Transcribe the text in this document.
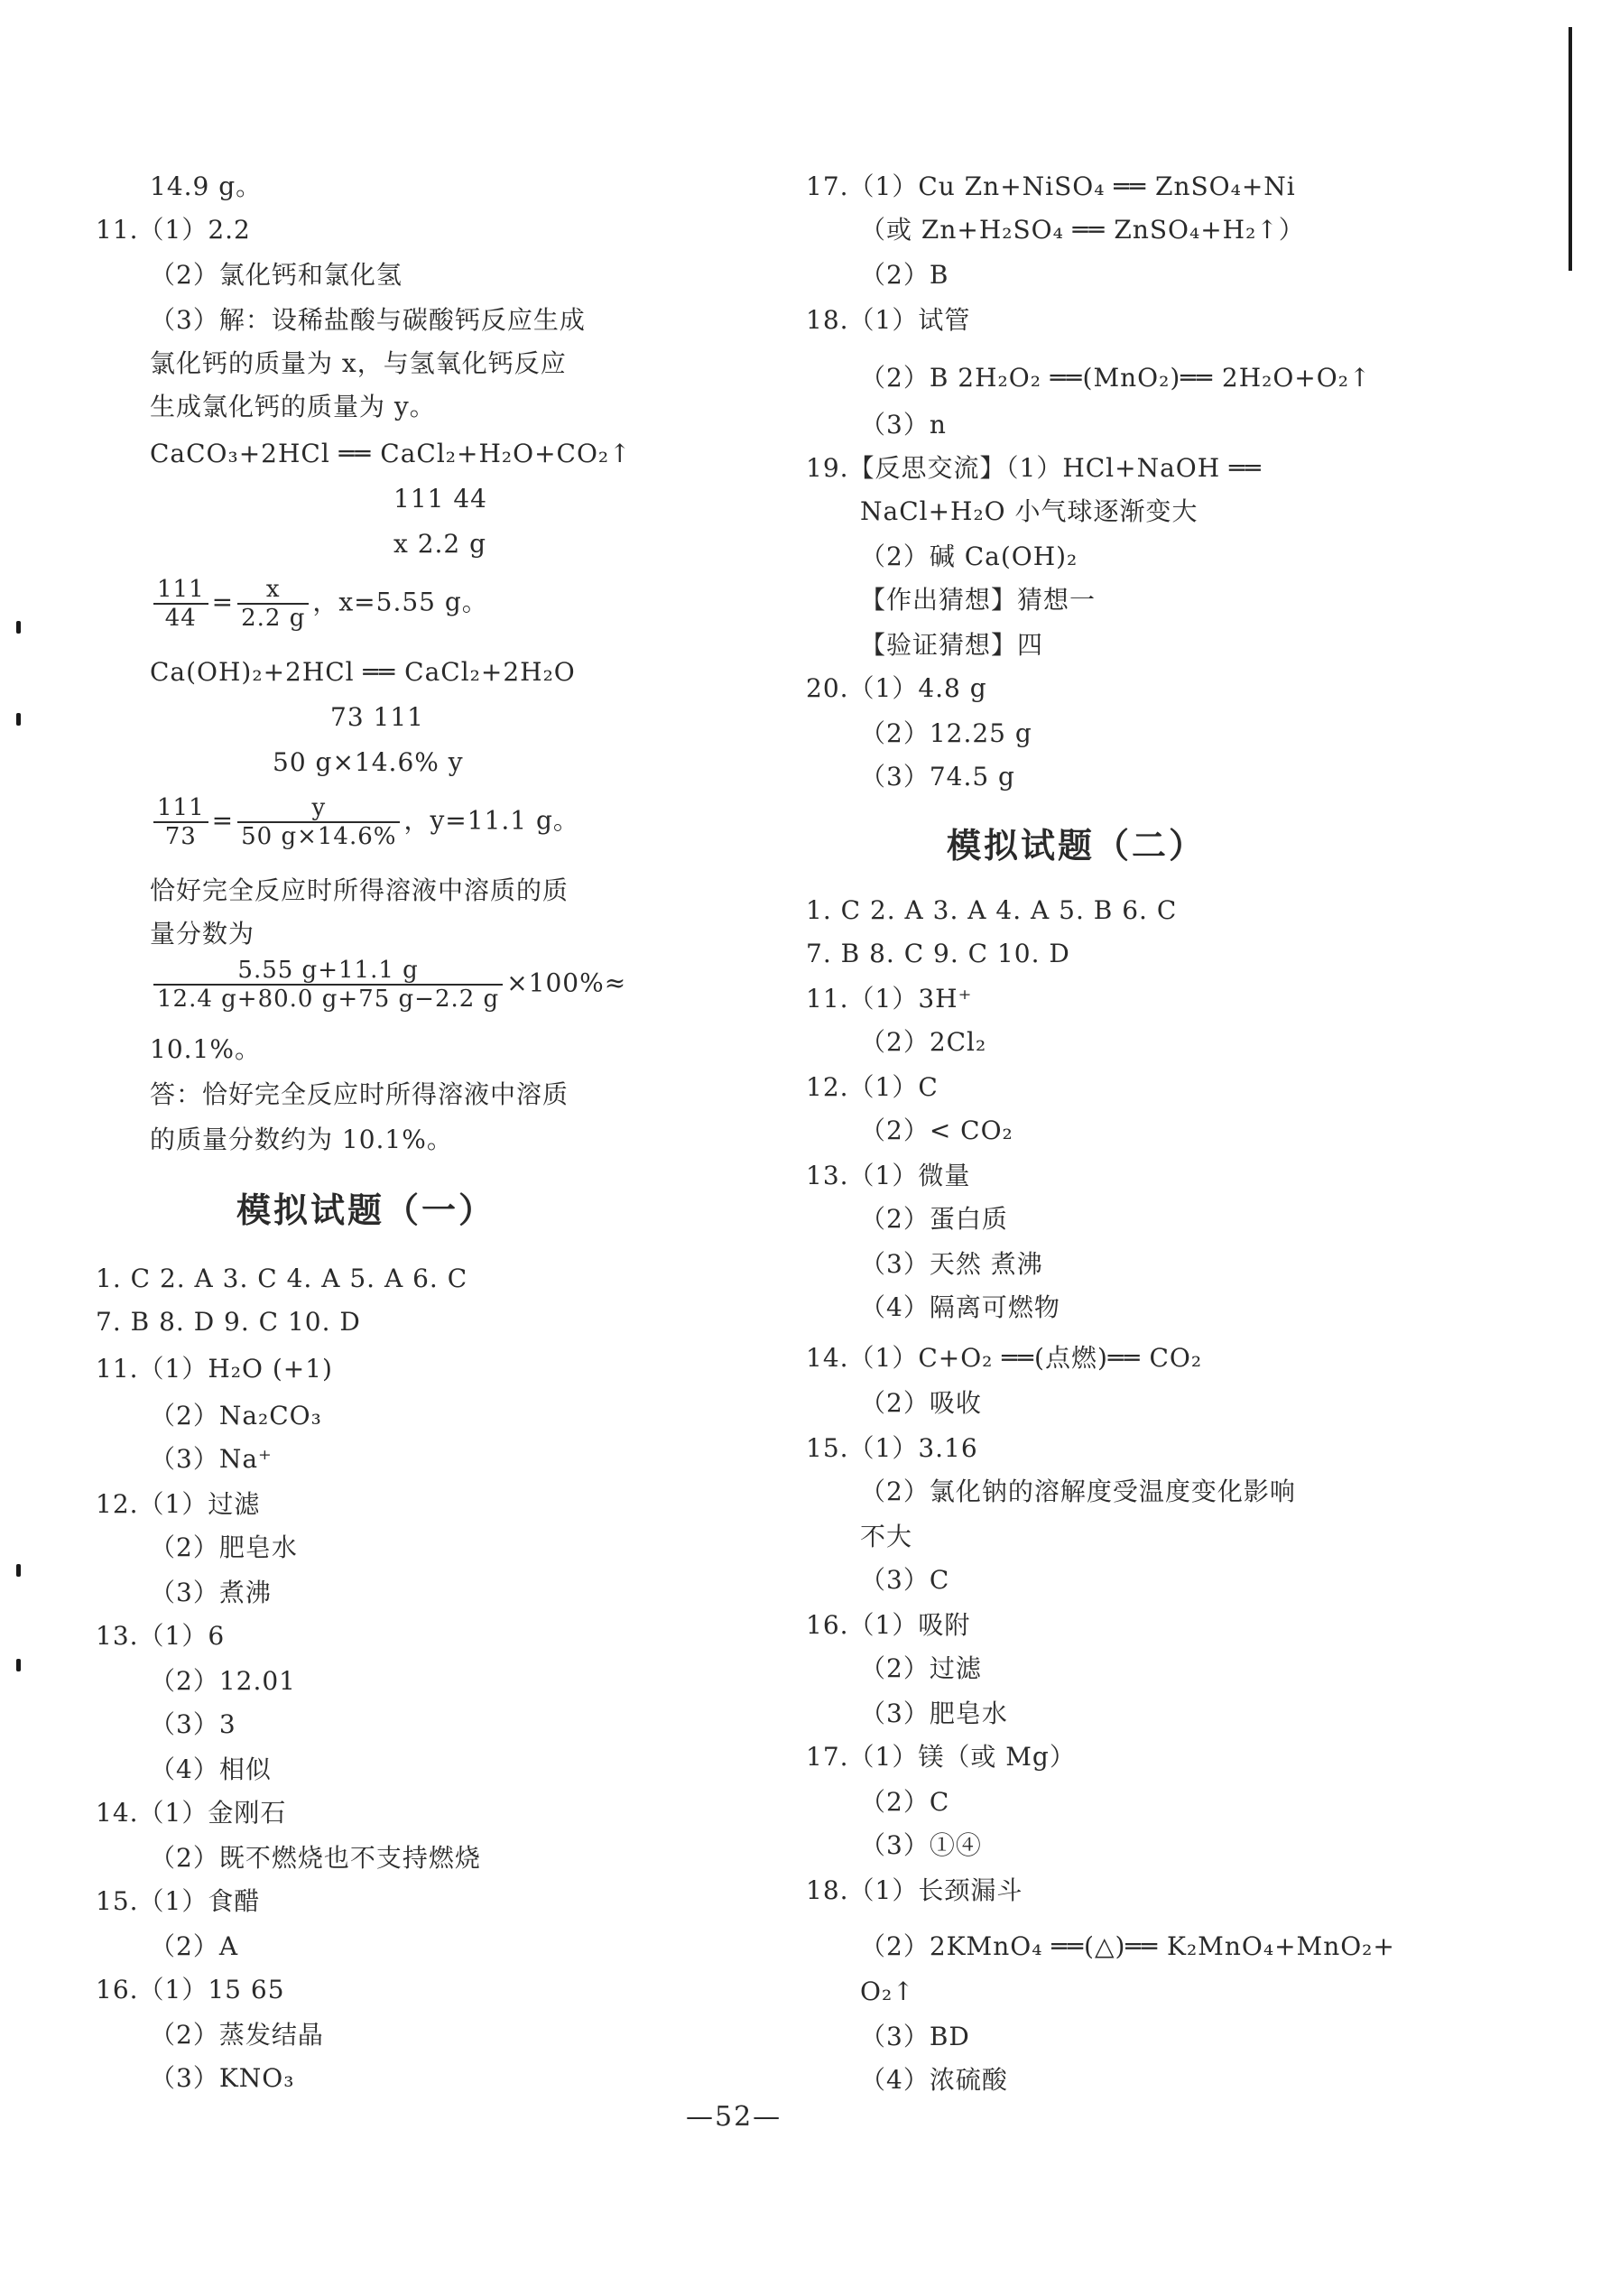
14.9 g。
11.（1）2.2
（2）氯化钙和氯化氢
（3）解：设稀盐酸与碳酸钙反应生成
氯化钙的质量为 x，与氢氧化钙反应
生成氯化钙的质量为 y。
CaCO₃+2HCl ══ CaCl₂+H₂O+CO₂↑
111 44
x 2.2 g
$\frac{111}{44} = \frac{x}{2.2 g}$ ，x=5.55 g。
Ca(OH)₂+2HCl ══ CaCl₂+2H₂O
73 111
50 g×14.6% y
$\frac{111}{73} = \frac{y}{50 g\times 14.6\%}$ ，y=11.1 g。
恰好完全反应时所得溶液中溶质的质
量分数为
$\frac{5.55 g+11.1 g}{12.4 g+80.0 g+75 g-2.2 g} \times 100\%\approx$
10.1%。
答：恰好完全反应时所得溶液中溶质
的质量分数约为 10.1%。
模拟试题（一）
1. C 2. A 3. C 4. A 5. A 6. C
7. B 8. D 9. C 10. D
11.（1）H₂O (+1)
（2）Na₂CO₃
（3）Na⁺
12.（1）过滤
（2）肥皂水
（3）煮沸
13.（1）6
（2）12.01
（3）3
（4）相似
14.（1）金刚石
（2）既不燃烧也不支持燃烧
15.（1）食醋
（2）A
16.（1）15 65
（2）蒸发结晶
（3）KNO₃
17.（1）Cu Zn+NiSO₄ ══ ZnSO₄+Ni
（或 Zn+H₂SO₄ ══ ZnSO₄+H₂↑）
（2）B
18.（1）试管
（2）B 2H₂O₂ ══(MnO₂)══ 2H₂O+O₂↑
（3）n
19.【反思交流】（1）HCl+NaOH ══
NaCl+H₂O 小气球逐渐变大
（2）碱 Ca(OH)₂
【作出猜想】猜想一
【验证猜想】四
20.（1）4.8 g
（2）12.25 g
（3）74.5 g
模拟试题（二）
1. C 2. A 3. A 4. A 5. B 6. C
7. B 8. C 9. C 10. D
11.（1）3H⁺
（2）2Cl₂
12.（1）C
（2）< CO₂
13.（1）微量
（2）蛋白质
（3）天然 煮沸
（4）隔离可燃物
14.（1）C+O₂ ══(点燃)══ CO₂
（2）吸收
15.（1）3.16
（2）氯化钠的溶解度受温度变化影响
不大
（3）C
16.（1）吸附
（2）过滤
（3）肥皂水
17.（1）镁（或 Mg）
（2）C
（3）①④
18.（1）长颈漏斗
（2）2KMnO₄ ══(△)══ K₂MnO₄+MnO₂+
O₂↑
（3）BD
（4）浓硫酸
—52—
